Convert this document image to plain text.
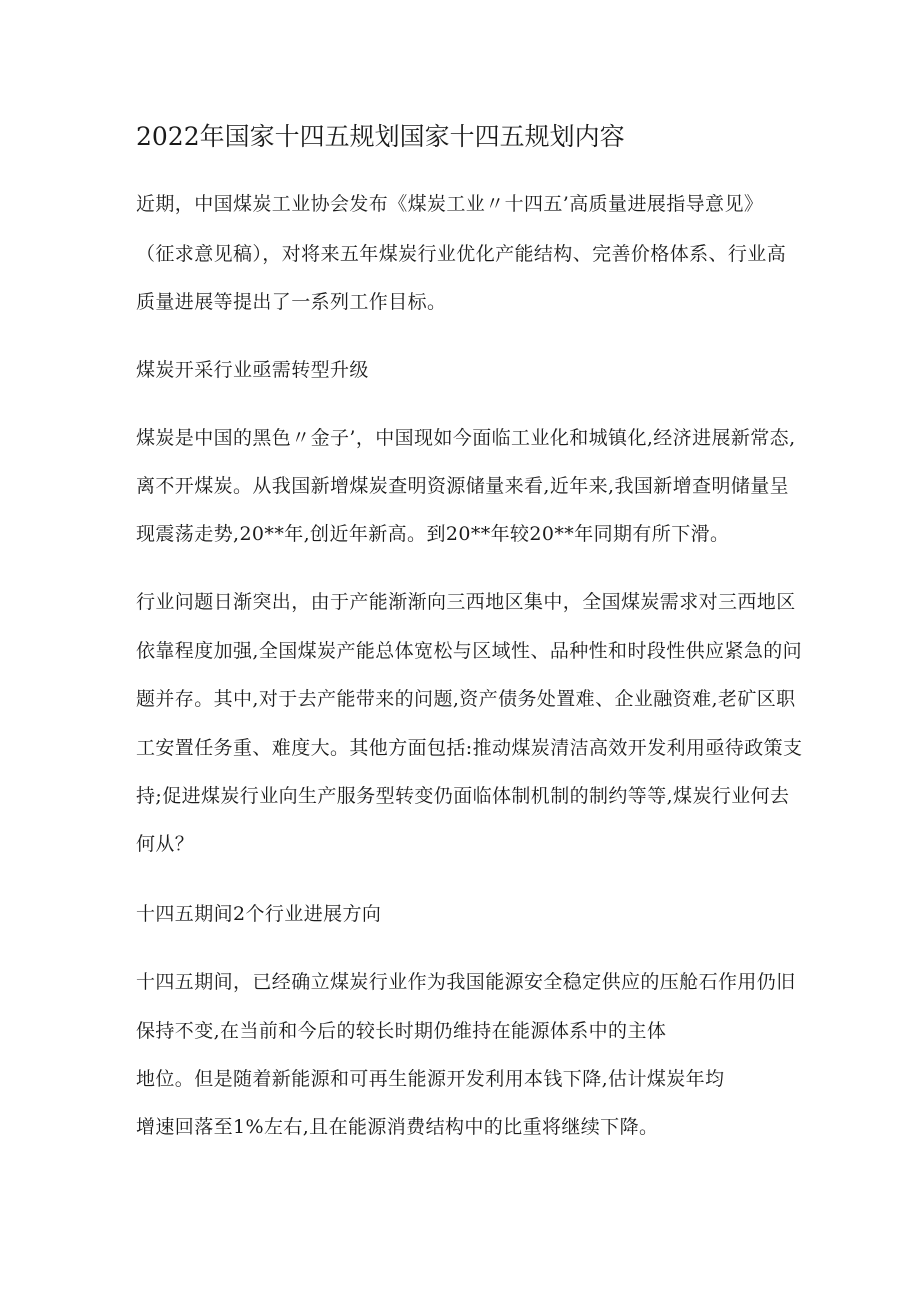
2022年国家十四五规划国家十四五规划内容
近期，中国煤炭工业协会发布《煤炭工业〃十四五’高质量进展指导意见》
（征求意见稿），对将来五年煤炭行业优化产能结构、完善价格体系、行业高
质量进展等提出了一系列工作目标。
煤炭开采行业亟需转型升级
煤炭是中国的黑色〃金子’，中国现如今面临工业化和城镇化,经济进展新常态,
离不开煤炭。从我国新增煤炭查明资源储量来看,近年来,我国新增查明储量呈
现震荡走势,20**年,创近年新高。到20**年较20**年同期有所下滑。
行业问题日渐突出，由于产能渐渐向三西地区集中，全国煤炭需求对三西地区
依靠程度加强,全国煤炭产能总体宽松与区域性、品种性和时段性供应紧急的问
题并存。其中,对于去产能带来的问题,资产债务处置难、企业融资难,老矿区职
工安置任务重、难度大。其他方面包括:推动煤炭清洁高效开发利用亟待政策支
持;促进煤炭行业向生产服务型转变仍面临体制机制的制约等等,煤炭行业何去
何从？
十四五期间2个行业进展方向
十四五期间，已经确立煤炭行业作为我国能源安全稳定供应的压舱石作用仍旧
保持不变,在当前和今后的较长时期仍维持在能源体系中的主体
地位。但是随着新能源和可再生能源开发利用本钱下降,估计煤炭年均
增速回落至1%左右,且在能源消费结构中的比重将继续下降。
